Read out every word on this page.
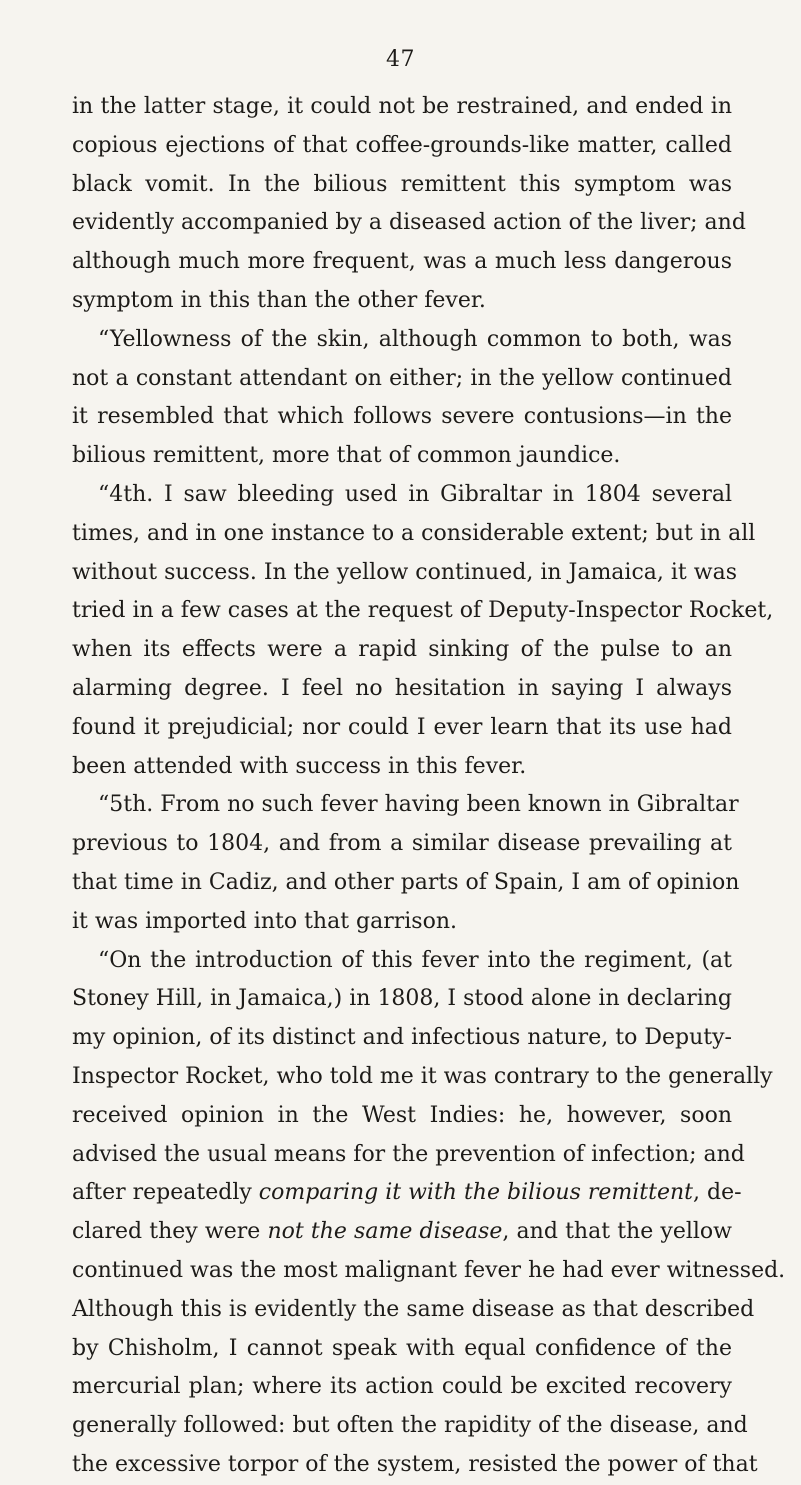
47
in the latter stage, it could not be restrained, and ended in
copious ejections of that coffee-grounds-like matter, called
black vomit. In the bilious remittent this symptom was
evidently accompanied by a diseased action of the liver; and
although much more frequent, was a much less dangerous
symptom in this than the other fever.
“Yellowness of the skin, although common to both, was
not a constant attendant on either; in the yellow continued
it resembled that which follows severe contusions—in the
bilious remittent, more that of common jaundice.
“4th. I saw bleeding used in Gibraltar in 1804 several
times, and in one instance to a considerable extent; but in all
without success. In the yellow continued, in Jamaica, it was
tried in a few cases at the request of Deputy-Inspector Rocket,
when its effects were a rapid sinking of the pulse to an
alarming degree. I feel no hesitation in saying I always
found it prejudicial; nor could I ever learn that its use had
been attended with success in this fever.
“5th. From no such fever having been known in Gibraltar
previous to 1804, and from a similar disease prevailing at
that time in Cadiz, and other parts of Spain, I am of opinion
it was imported into that garrison.
“On the introduction of this fever into the regiment, (at
Stoney Hill, in Jamaica,) in 1808, I stood alone in declaring
my opinion, of its distinct and infectious nature, to Deputy-
Inspector Rocket, who told me it was contrary to the generally
received opinion in the West Indies: he, however, soon
advised the usual means for the prevention of infection; and
after repeatedly comparing it with the bilious remittent, de-
clared they were not the same disease, and that the yellow
continued was the most malignant fever he had ever witnessed.
Although this is evidently the same disease as that described
by Chisholm, I cannot speak with equal confidence of the
mercurial plan; where its action could be excited recovery
generally followed: but often the rapidity of the disease, and
the excessive torpor of the system, resisted the power of that
